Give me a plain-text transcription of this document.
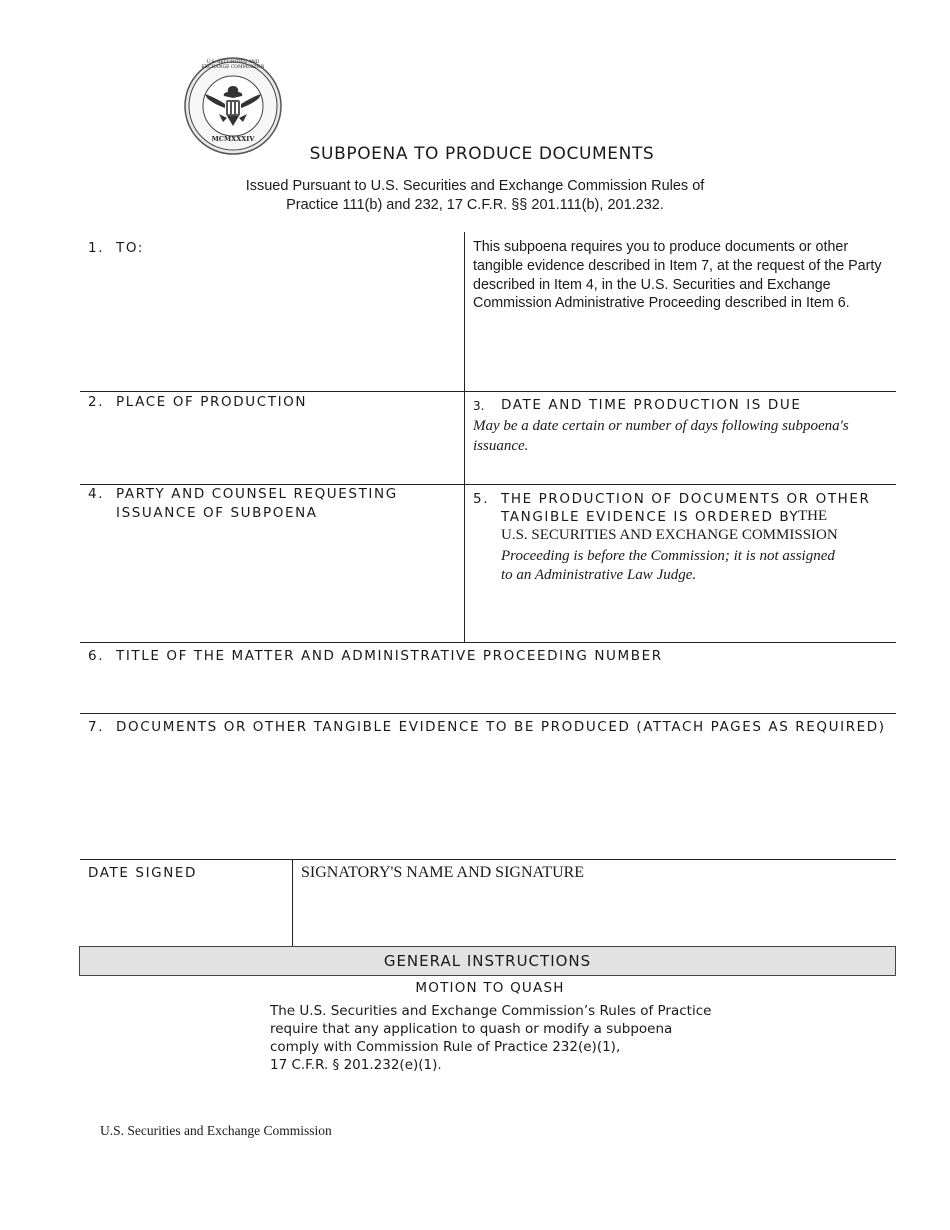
MCMXXXIV
U.S. SECURITIES AND EXCHANGE COMMISSION
SUBPOENA TO PRODUCE DOCUMENTS
Issued Pursuant to U.S. Securities and Exchange Commission Rules of
Practice 111(b) and 232, 17 C.F.R. §§ 201.111(b), 201.232.
1. TO:	This subpoena requires you to produce documents or other tangible evidence described in Item 7, at the request of the Party described in Item 4, in the U.S. Securities and Exchange Commission Administrative Proceeding described in Item 6.
2. PLACE OF PRODUCTION	3. DATE AND TIME PRODUCTION IS DUE
May be a date certain or number of days following subpoena's issuance.
4. PARTY AND COUNSEL REQUESTING
ISSUANCE OF SUBPOENA
5. THE PRODUCTION OF DOCUMENTS OR OTHER
TANGIBLE EVIDENCE IS ORDERED BY
THE
U.S. SECURITIES AND EXCHANGE COMMISSION
Proceeding is before the Commission; it is not assigned
to an Administrative Law Judge.
6. TITLE OF THE MATTER AND ADMINISTRATIVE PROCEEDING NUMBER
7. DOCUMENTS OR OTHER TANGIBLE EVIDENCE TO BE PRODUCED (ATTACH PAGES AS REQUIRED)
DATE SIGNED	SIGNATORY'S NAME AND SIGNATURE
GENERAL INSTRUCTIONS
MOTION TO QUASH
The U.S. Securities and Exchange Commission’s Rules of Practice
require that any application to quash or modify a subpoena
comply with Commission Rule of Practice 232(e)(1),
17 C.F.R. § 201.232(e)(1).
U.S. Securities and Exchange Commission
